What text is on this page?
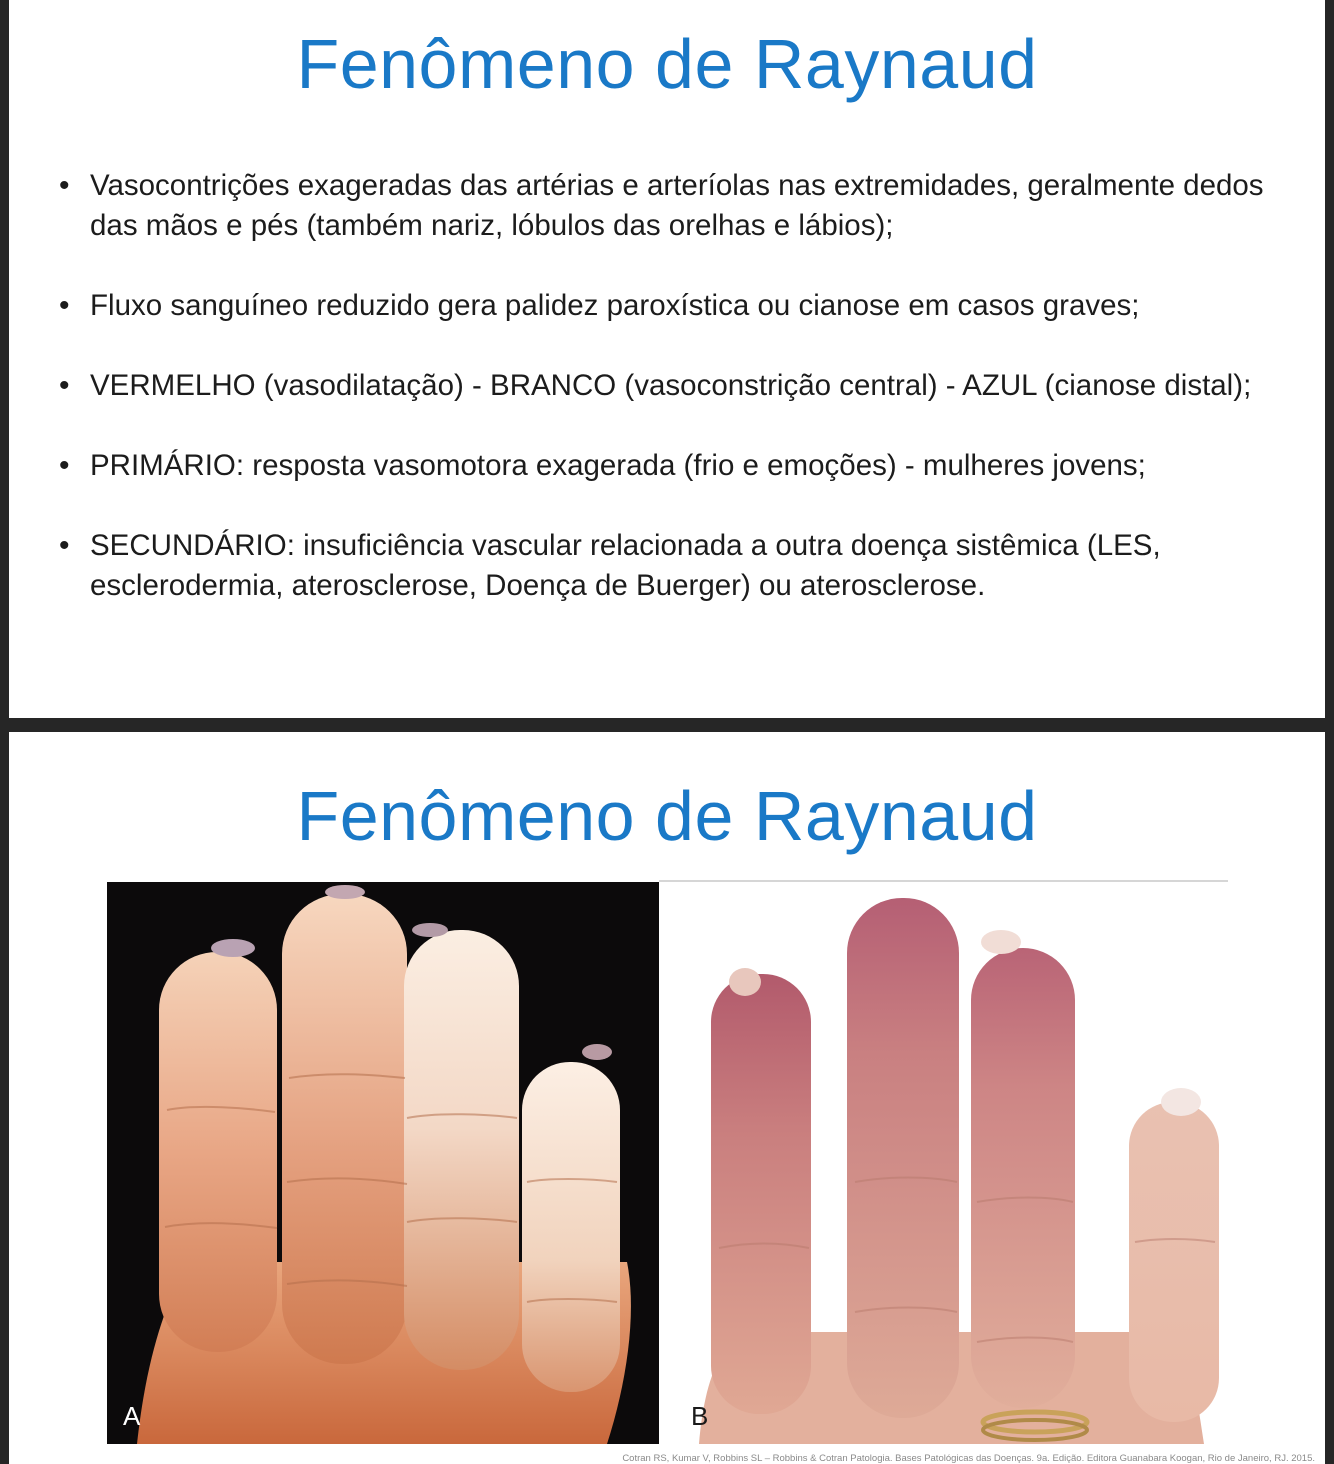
Fenômeno de Raynaud
• Vasocontrições exageradas das artérias e arteríolas nas extremidades, geralmente dedos das mãos e pés (também nariz, lóbulos das orelhas e lábios);
• Fluxo sanguíneo reduzido gera palidez paroxística ou cianose em casos graves;
• VERMELHO (vasodilatação) - BRANCO (vasoconstrição central) - AZUL (cianose distal);
• PRIMÁRIO: resposta vasomotora exagerada (frio e emoções) - mulheres jovens;
• SECUNDÁRIO: insuficiência vascular relacionada a outra doença sistêmica (LES, esclerodermia, aterosclerose, Doença de Buerger) ou aterosclerose.
Fenômeno de Raynaud
A	B
Cotran RS, Kumar V, Robbins SL – Robbins & Cotran Patologia. Bases Patológicas das Doenças. 9a. Edição. Editora Guanabara Koogan, Rio de Janeiro, RJ. 2015.
